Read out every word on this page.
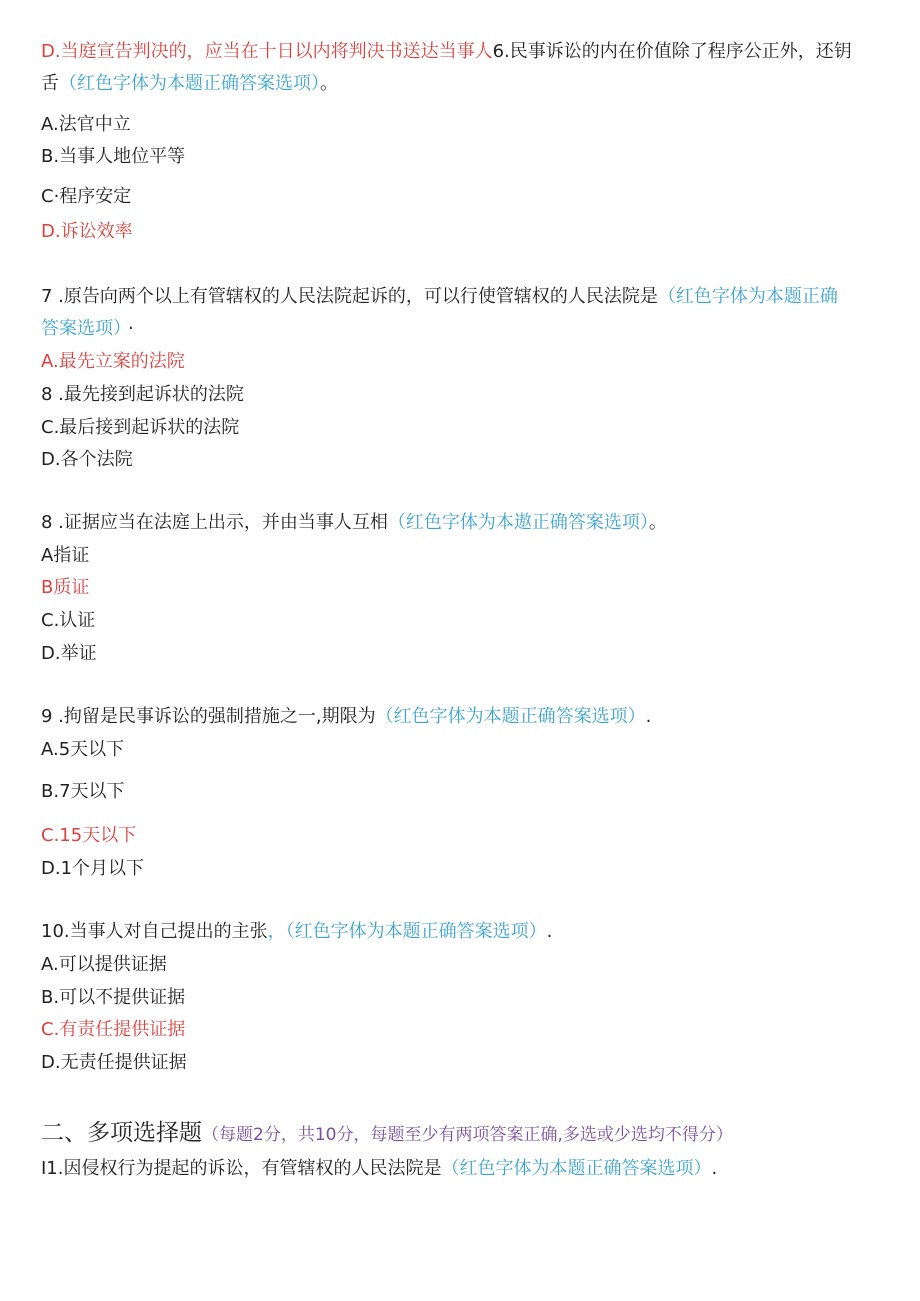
D.当庭宣告判决的，应当在十日以内将判决书送达当事人6.民事诉讼的内在价值除了程序公正外，还钥
舌（红色字体为本题正确答案选项）。
A.法官中立
B.当事人地位平等
C·程序安定
D.诉讼效率
7 .原告向两个以上有管辖权的人民法院起诉的，可以行使管辖权的人民法院是（红色字体为本题正确
答案选项） ·
A.最先立案的法院
8 .最先接到起诉状的法院
C.最后接到起诉状的法院
D.各个法院
8 .证据应当在法庭上出示，并由当事人互相（红色字体为本遨正确答案选项）。
A指证
B质证
C.认证
D.举证
9 .拘留是民事诉讼的强制措施之一,期限为（红色字体为本题正确答案选项）.
A.5天以下
B.7天以下
C.15天以下
D.1个月以下
10.当事人对自己提出的主张，（红色字体为本题正确答案选项）.
A.可以提供证据
B.可以不提供证据
C.有责任提供证据
D.无责任提供证据
二、多项选择题（每题2分，共10分，每题至少有两项答案正确,多选或少选均不得分）
I1.因侵权行为提起的诉讼，有管辖权的人民法院是（红色字体为本题正确答案选项）.
